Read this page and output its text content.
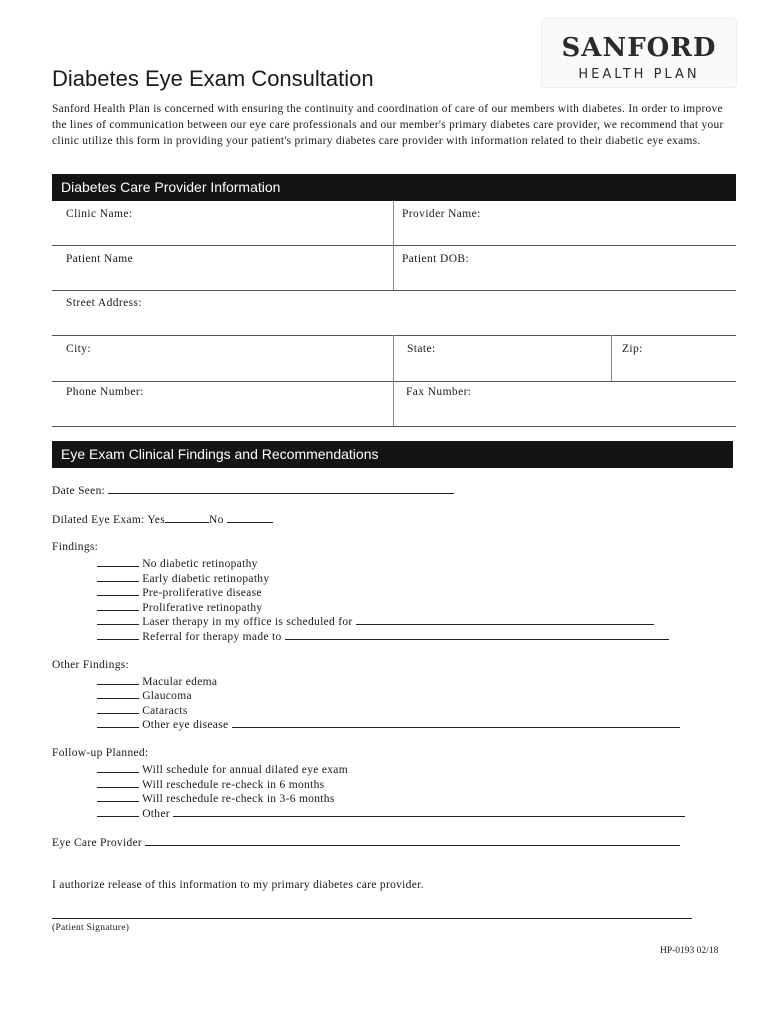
SANFORD
HEALTH PLAN
Diabetes Eye Exam Consultation
Sanford Health Plan is concerned with ensuring the continuity and coordination of care of our members with diabetes. In order to improve the lines of communication between our eye care professionals and our member's primary diabetes care provider, we recommend that your clinic utilize this form in providing your patient's primary diabetes care provider with information related to their diabetic eye exams.
Diabetes Care Provider Information
Clinic Name:	Provider Name:
Patient Name	Patient DOB:
Street Address:
City:	State:	Zip:
Phone Number:	Fax Number:
Eye Exam Clinical Findings and Recommendations
Date Seen:
Dilated Eye Exam: Yes	No
Findings:
No diabetic retinopathy
Early diabetic retinopathy
Pre-proliferative disease
Proliferative retinopathy
Laser therapy in my office is scheduled for
Referral for therapy made to
Other Findings:
Macular edema
Glaucoma
Cataracts
Other eye disease
Follow-up Planned:
Will schedule for annual dilated eye exam
Will reschedule re-check in 6 months
Will reschedule re-check in 3-6 months
Other
Eye Care Provider
I authorize release of this information to my primary diabetes care provider.
(Patient Signature)
HP-0193 02/18
